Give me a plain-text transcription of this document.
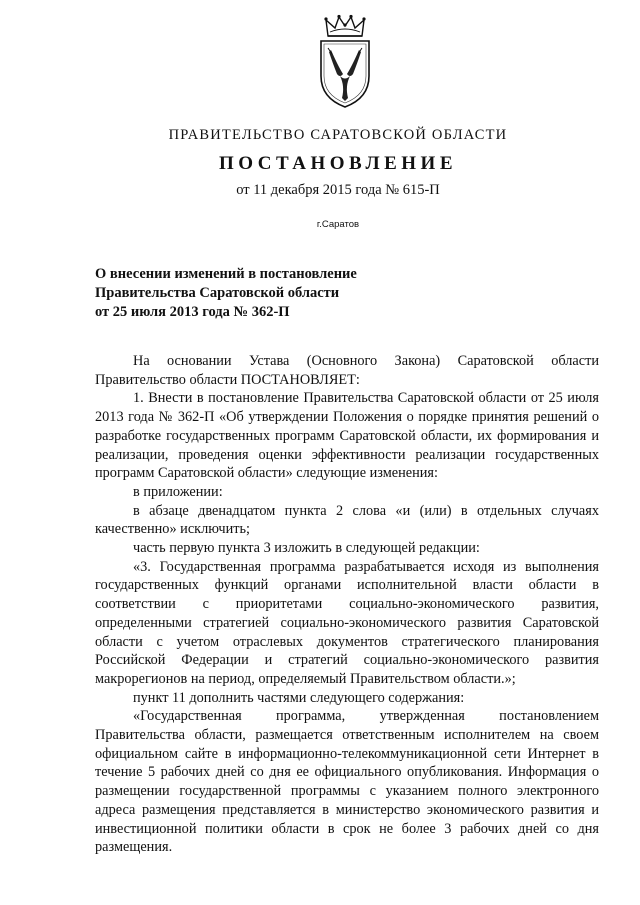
ПРАВИТЕЛЬСТВО САРАТОВСКОЙ ОБЛАСТИ
ПОСТАНОВЛЕНИЕ
от 11 декабря 2015 года № 615-П
г.Саратов
О внесении изменений в постановление
Правительства Саратовской области
от 25 июля 2013 года № 362-П

На основании Устава (Основного Закона) Саратовской области Правительство области ПОСТАНОВЛЯЕТ:

1. Внести в постановление Правительства Саратовской области от 25 июля 2013 года № 362-П «Об утверждении Положения о порядке принятия решений о разработке государственных программ Саратовской области, их формирования и реализации, проведения оценки эффективности реализации государственных программ Саратовской области» следующие изменения:

в приложении:

в абзаце двенадцатом пункта 2 слова «и (или) в отдельных случаях качественно» исключить;

часть первую пункта 3 изложить в следующей редакции:

«3. Государственная программа разрабатывается исходя из выполнения государственных функций органами исполнительной власти области в соответствии с приоритетами социально-экономического развития, определенными стратегией социально-экономического развития Саратовской области с учетом отраслевых документов стратегического планирования Российской Федерации и стратегий социально-экономического развития макрорегионов на период, определяемый Правительством области.»;

пункт 11 дополнить частями следующего содержания:

«Государственная программа, утвержденная постановлением Правительства области, размещается ответственным исполнителем на своем официальном сайте в информационно-телекоммуникационной сети Интернет в течение 5 рабочих дней со дня ее официального опубликования. Информация о размещении государственной программы с указанием полного электронного адреса размещения представляется в министерство экономического развития и инвестиционной политики области в срок не более 3 рабочих дней со дня размещения.
